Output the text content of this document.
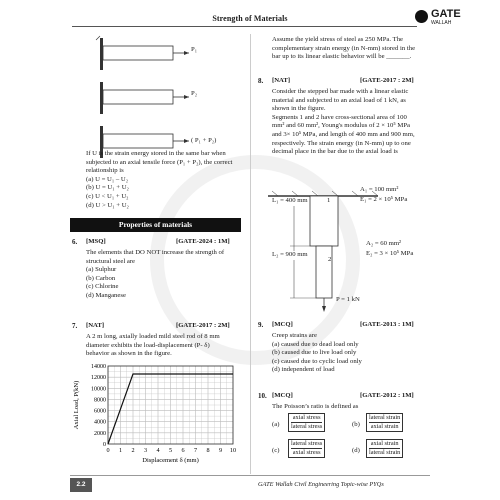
Strength of Materials	GATE
WALLAH
P₁
P₂
( P₁ + P₂)
If U is the strain energy stored in the same bar when
subjected to an axial tensile force (P₁ + P₂), the correct
relationship is
(a) U = U₁ – U₂
(b) U = U₁ + U₂
(c) U < U₁ + U₂
(d) U > U₁ + U₂
Properties of materials
6. [MSQ]	[GATE-2024 : 1M]
The elements that DO NOT increase the strength of
structural steel are
(a) Sulphur
(b) Carbon
(c) Chlorine
(d) Manganese
7. [NAT]	[GATE-2017 : 2M]
A 2 m long, axially loaded mild steel rod of 8 mm
diameter exhibits the load-displacement (P- δ)
behavior as shown in the figure.
0 1 2 3 4 5 6 7 8 9 10
0
2000
4000
6000
8000
10000
12000
14000
Displacement δ (mm)
Axial Load, P(kN)
Assume the yield stress of steel as 250 MPa. The
complementary strain energy (in N-mm) stored in the
bar up to its linear elastic behavior will be _______.
8. [NAT]	[GATE-2017 : 2M]
Consider the stepped bar made with a linear elastic
material and subjected to an axial load of 1 kN, as
shown in the figure.
Segments 1 and 2 have cross-sectional area of 100
mm² and 60 mm², Young's modulus of 2 × 10⁵ MPa
and 3× 10⁵ MPa, and length of 400 mm and 900 mm,
respectively. The strain energy (in N-mm) up to one
decimal place in the bar due to the axial load is
L₁ = 400 mm	1
A₁ = 100 mm²
E₁ = 2 × 10⁵ MPa
L₂ = 900 mm
2
A₂ = 60 mm²
E₂ = 3 × 10⁵ MPa
P = 1 kN
9. [MCQ]	[GATE-2013 : 1M]
Creep strains are
(a) caused due to dead load only
(b) caused due to live load only
(c) caused due to cyclic load only
(d) independent of load
10. [MCQ]	[GATE-2012 : 1M]
The Poisson’s ratio is defined as
(a)
axial stress
lateral stress	(b)
lateral strain
axial strain
(c)
lateral stress
axial stress	(d)
axial strain
lateral strain
2.2	GATE Wallah Civil Engineering Topic-wise PYQs
